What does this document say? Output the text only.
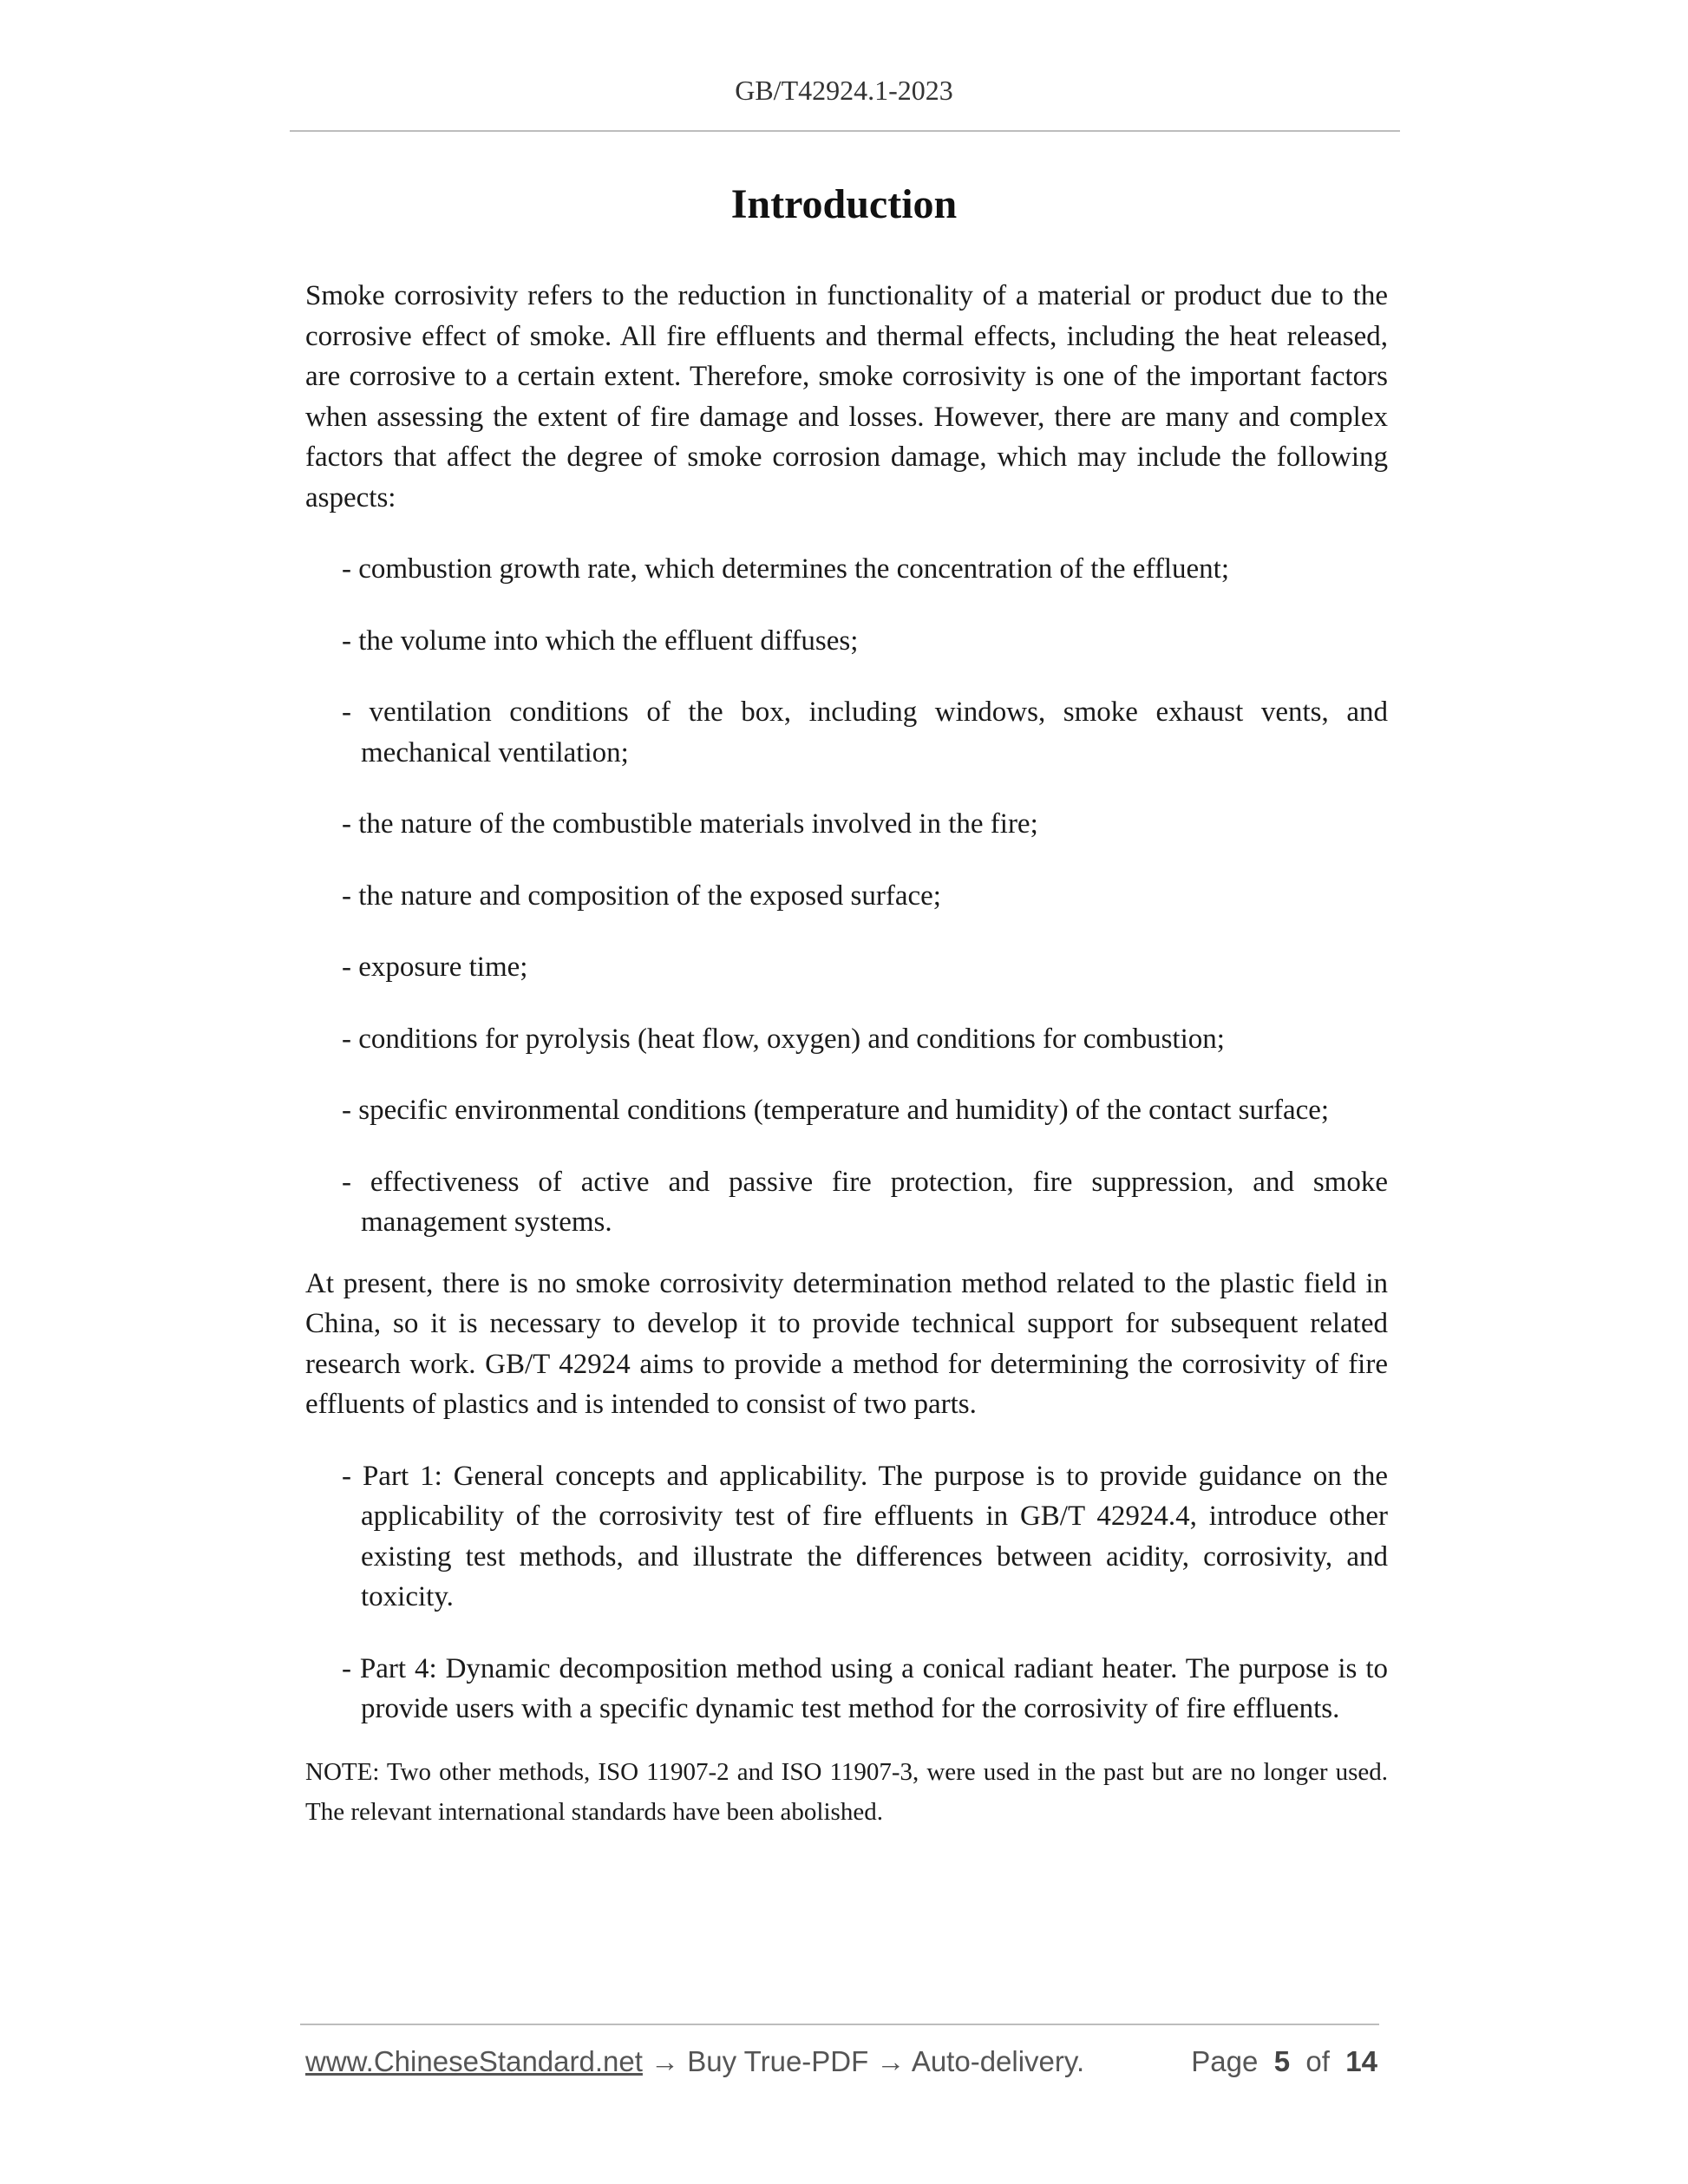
GB/T42924.1-2023
Introduction

Smoke corrosivity refers to the reduction in functionality of a material or product due to the corrosive effect of smoke. All fire effluents and thermal effects, including the heat released, are corrosive to a certain extent. Therefore, smoke corrosivity is one of the important factors when assessing the extent of fire damage and losses. However, there are many and complex factors that affect the degree of smoke corrosion damage, which may include the following aspects:

- combustion growth rate, which determines the concentration of the effluent;
- the volume into which the effluent diffuses;
- ventilation conditions of the box, including windows, smoke exhaust vents, and mechanical ventilation;
- the nature of the combustible materials involved in the fire;
- the nature and composition of the exposed surface;
- exposure time;
- conditions for pyrolysis (heat flow, oxygen) and conditions for combustion;
- specific environmental conditions (temperature and humidity) of the contact surface;
- effectiveness of active and passive fire protection, fire suppression, and smoke management systems.

At present, there is no smoke corrosivity determination method related to the plastic field in China, so it is necessary to develop it to provide technical support for subsequent related research work. GB/T 42924 aims to provide a method for determining the corrosivity of fire effluents of plastics and is intended to consist of two parts.

- Part 1: General concepts and applicability. The purpose is to provide guidance on the applicability of the corrosivity test of fire effluents in GB/T 42924.4, introduce other existing test methods, and illustrate the differences between acidity, corrosivity, and toxicity.
- Part 4: Dynamic decomposition method using a conical radiant heater. The purpose is to provide users with a specific dynamic test method for the corrosivity of fire effluents.

NOTE: Two other methods, ISO 11907-2 and ISO 11907-3, were used in the past but are no longer used. The relevant international standards have been abolished.

www.ChineseStandard.net → Buy True-PDF → Auto-delivery.	Page 5 of 14
